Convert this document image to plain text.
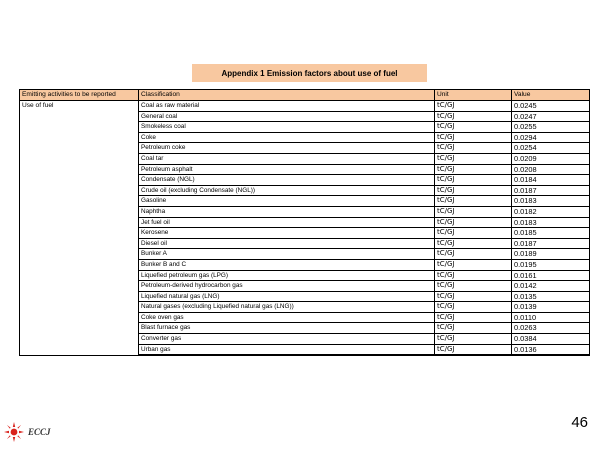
Appendix 1 Emission factors about use of fuel
Emitting activities to be reported	Classification	Unit	Value
Use of fuel	Coal as raw material	tC/GJ	0.0245
	General coal	tC/GJ	0.0247
	Smokeless coal	tC/GJ	0.0255
	Coke	tC/GJ	0.0294
	Petroleum coke	tC/GJ	0.0254
	Coal tar	tC/GJ	0.0209
	Petroleum asphalt	tC/GJ	0.0208
	Condensate (NGL)	tC/GJ	0.0184
	Crude oil (excluding Condensate (NGL))	tC/GJ	0.0187
	Gasoline	tC/GJ	0.0183
	Naphtha	tC/GJ	0.0182
	Jet fuel oil	tC/GJ	0.0183
	Kerosene	tC/GJ	0.0185
	Diesel oil	tC/GJ	0.0187
	Bunker A	tC/GJ	0.0189
	Bunker B and C	tC/GJ	0.0195
	Liquefied petroleum gas (LPG)	tC/GJ	0.0161
	Petroleum-derived hydrocarbon gas	tC/GJ	0.0142
	Liquefied natural gas (LNG)	tC/GJ	0.0135
	Natural gases (excluding Liquefied natural gas (LNG))	tC/GJ	0.0139
	Coke oven gas	tC/GJ	0.0110
	Blast furnace gas	tC/GJ	0.0263
	Converter gas	tC/GJ	0.0384
	Urban gas	tC/GJ	0.0136
ECCJ
46
